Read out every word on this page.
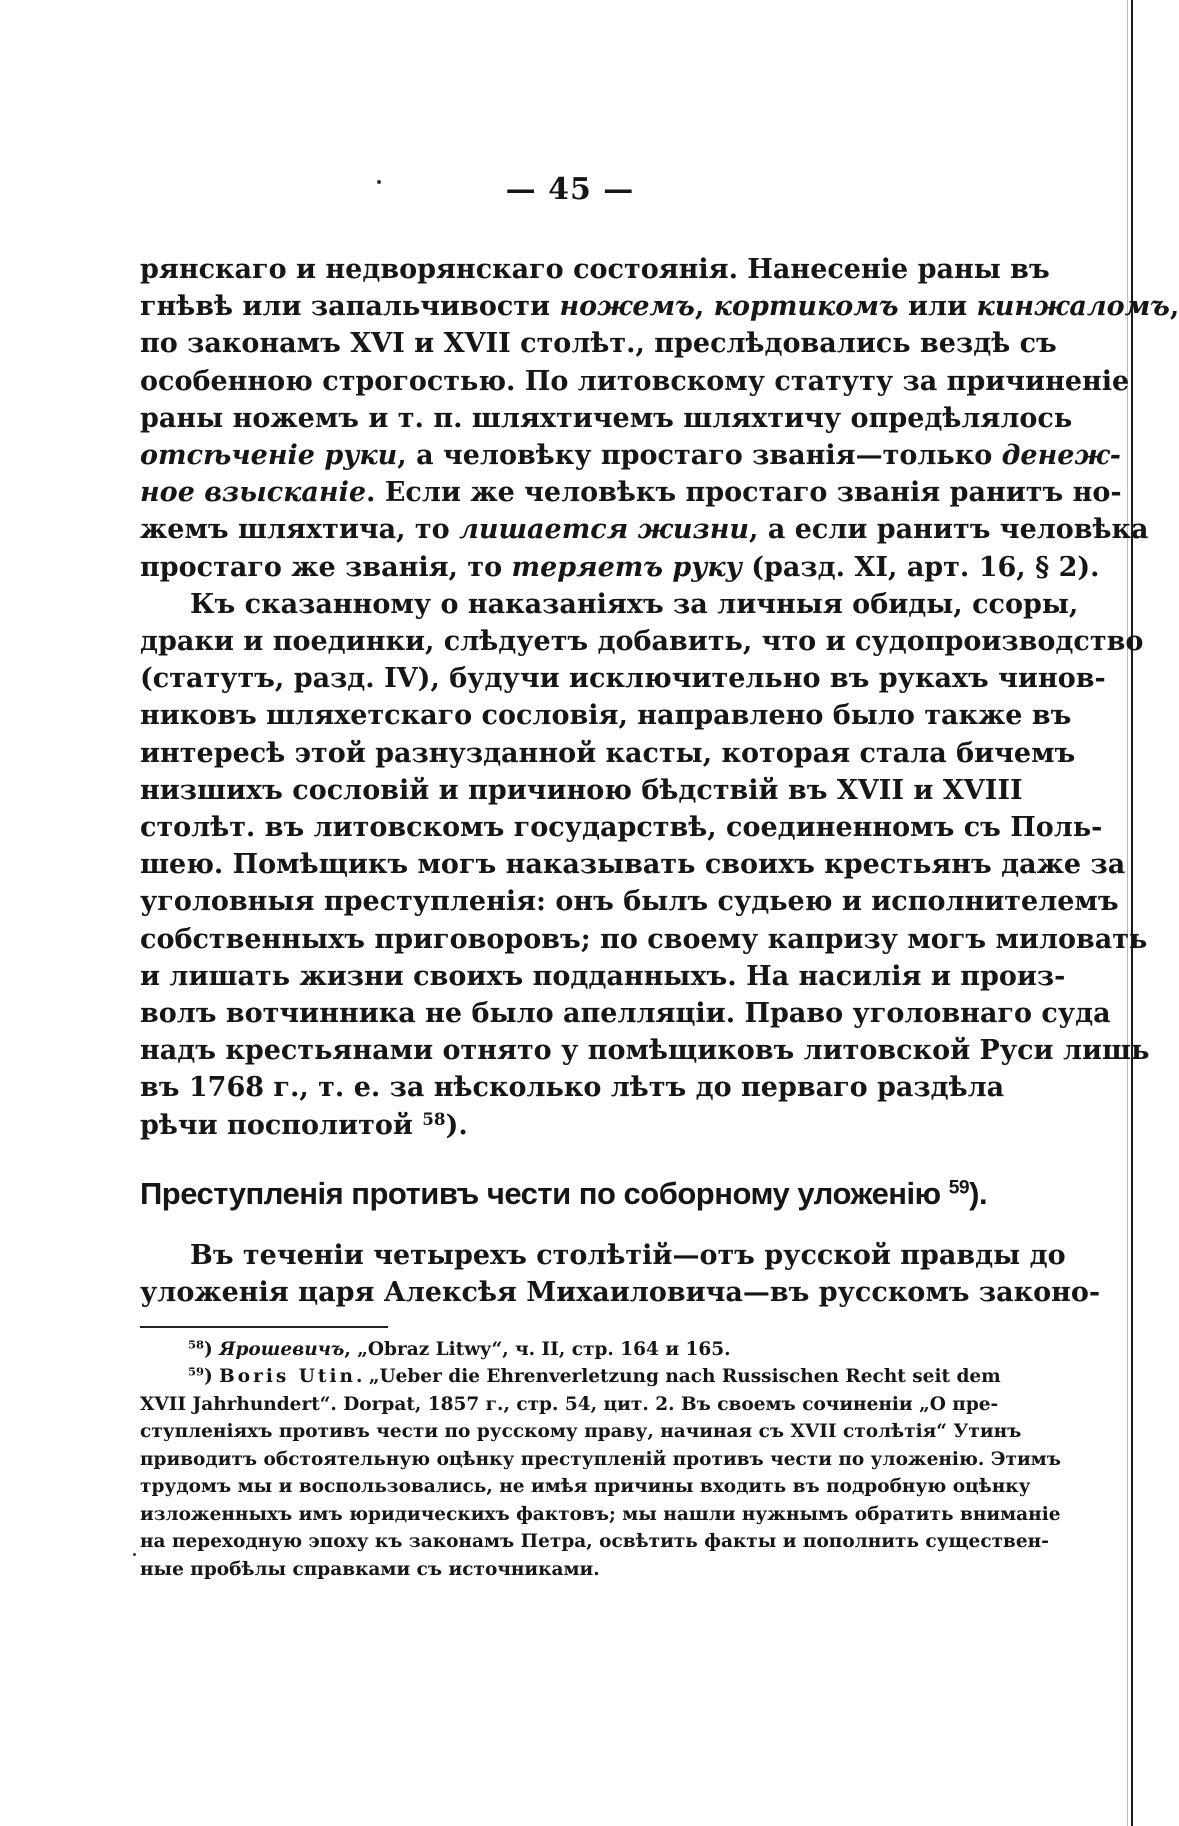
— 45 —
рянскаго и недворянскаго состоянія. Нанесеніе раны въ
гнѣвѣ или запальчивости ножемъ, кортикомъ или кинжаломъ,
по законамъ XVI и XVII столѣт., преслѣдовались вездѣ съ
особенною строгостью. По литовскому статуту за причиненіе
раны ножемъ и т. п. шляхтичемъ шляхтичу опредѣлялось
отсѣченіе руки, а человѣку простаго званія—только денеж-
ное взысканіе. Если же человѣкъ простаго званія ранитъ но-
жемъ шляхтича, то лишается жизни, а если ранитъ человѣка
простаго же званія, то теряетъ руку (разд. XI, арт. 16, § 2).
Къ сказанному о наказаніяхъ за личныя обиды, ссоры,
драки и поединки, слѣдуетъ добавить, что и судопроизводство
(статутъ, разд. IV), будучи исключительно въ рукахъ чинов-
никовъ шляхетскаго сословія, направлено было также въ
интересѣ этой разнузданной касты, которая стала бичемъ
низшихъ сословій и причиною бѣдствій въ XVII и XVIII
столѣт. въ литовскомъ государствѣ, соединенномъ съ Поль-
шею. Помѣщикъ могъ наказывать своихъ крестьянъ даже за
уголовныя преступленія: онъ былъ судьею и исполнителемъ
собственныхъ приговоровъ; по своему капризу могъ миловать
и лишать жизни своихъ подданныхъ. На насилія и произ-
волъ вотчинника не было апелляціи. Право уголовнаго суда
надъ крестьянами отнято у помѣщиковъ литовской Руси лишь
въ 1768 г., т. е. за нѣсколько лѣтъ до перваго раздѣла
рѣчи посполитой $^{58}$).
Преступленія противъ чести по соборному уложенію $^{59}$).
Въ теченіи четырехъ столѣтій—отъ русской правды до
уложенія царя Алексѣя Михаиловича—въ русскомъ законо-
$^{58}$) Ярошевичъ, „Obraz Litwy“, ч. II, стр. 164 и 165.
$^{59}$) Boris Utin. „Ueber die Ehrenverletzung nach Russischen Recht seit dem
XVII Jahrhundert“. Dorpat, 1857 г., стр. 54, цит. 2. Въ своемъ сочиненіи „О пре-
ступленіяхъ противъ чести по русскому праву, начиная съ XVII столѣтія“ Утинъ
приводитъ обстоятельную оцѣнку преступленій противъ чести по уложенію. Этимъ
трудомъ мы и воспользовались, не имѣя причины входить въ подробную оцѣнку
изложенныхъ имъ юридическихъ фактовъ; мы нашли нужнымъ обратить вниманіе
на переходную эпоху къ законамъ Петра, освѣтить факты и пополнить существен-
ные пробѣлы справками съ источниками.
